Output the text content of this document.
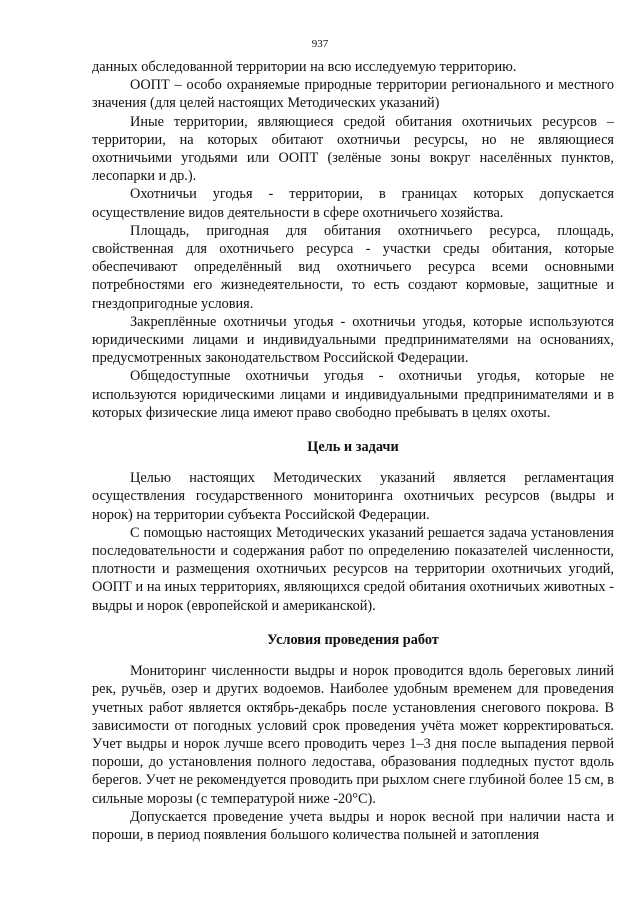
937

данных обследованной территории на всю исследуемую территорию.

ООПТ – особо охраняемые природные территории регионального и местного значения (для целей настоящих Методических указаний)

Иные территории, являющиеся средой обитания охотничьих ресурсов – территории, на которых обитают охотничьи ресурсы, но не являющиеся охотничьими угодьями или ООПТ (зелёные зоны вокруг населённых пунктов, лесопарки и др.).

Охотничьи угодья - территории, в границах которых допускается осуществление видов деятельности в сфере охотничьего хозяйства.

Площадь, пригодная для обитания охотничьего ресурса, площадь, свойственная для охотничьего ресурса - участки среды обитания, которые обеспечивают определённый вид охотничьего ресурса всеми основными потребностями его жизнедеятельности, то есть создают кормовые, защитные и гнездопригодные условия.

Закреплённые охотничьи угодья - охотничьи угодья, которые используются юридическими лицами и индивидуальными предпринимателями на основаниях, предусмотренных законодательством Российской Федерации.

Общедоступные охотничьи угодья - охотничьи угодья, которые не используются юридическими лицами и индивидуальными предпринимателями и в которых физические лица имеют право свободно пребывать в целях охоты.

Цель и задачи

Целью настоящих Методических указаний является регламентация осуществления государственного мониторинга охотничьих ресурсов (выдры и норок) на территории субъекта Российской Федерации.

С помощью настоящих Методических указаний решается задача установления последовательности и содержания работ по определению показателей численности, плотности и размещения охотничьих ресурсов на территории охотничьих угодий, ООПТ и на иных территориях, являющихся средой обитания охотничьих животных - выдры и норок (европейской и американской).

Условия проведения работ

Мониторинг численности выдры и норок проводится вдоль береговых линий рек, ручьёв, озер и других водоемов. Наиболее удобным временем для проведения учетных работ является октябрь-декабрь после установления снегового покрова. В зависимости от погодных условий срок проведения учёта может корректироваться. Учет выдры и норок лучше всего проводить через 1–3 дня после выпадения первой пороши, до установления полного ледостава, образования подледных пустот вдоль берегов. Учет не рекомендуется проводить при рыхлом снеге глубиной более 15 см, в сильные морозы (с температурой ниже -20°С).

Допускается проведение учета выдры и норок весной при наличии наста и пороши, в период появления большого количества полыней и затопления
